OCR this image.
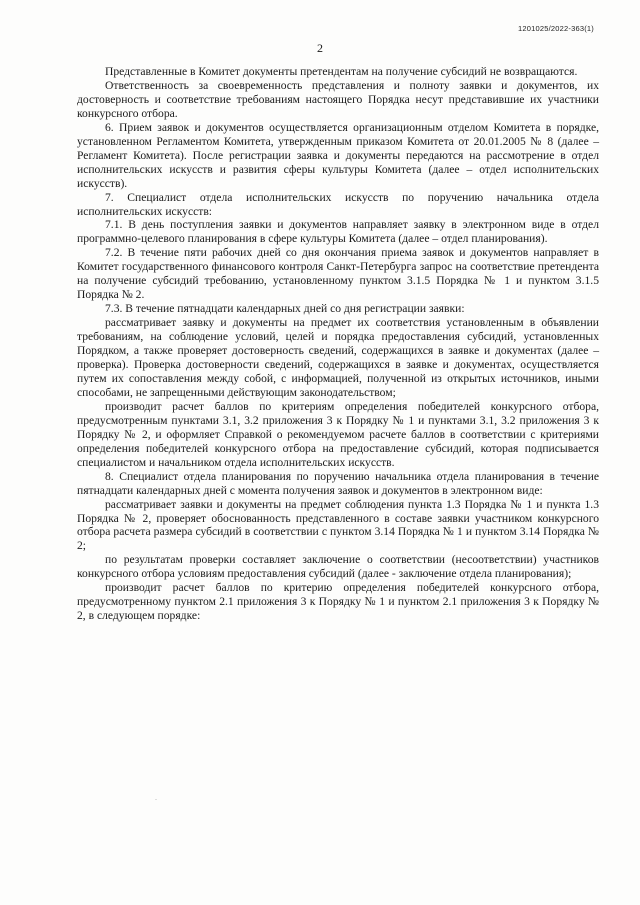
1201025/2022-363(1)
2

Представленные в Комитет документы претендентам на получение субсидий не возвращаются.

Ответственность за своевременность представления и полноту заявки и документов, их достоверность и соответствие требованиям настоящего Порядка несут представившие их участники конкурсного отбора.

6. Прием заявок и документов осуществляется организационным отделом Комитета в порядке, установленном Регламентом Комитета, утвержденным приказом Комитета от 20.01.2005 № 8 (далее – Регламент Комитета). После регистрации заявка и документы передаются на рассмотрение в отдел исполнительских искусств и развития сферы культуры Комитета (далее – отдел исполнительских искусств).

7. Специалист отдела исполнительских искусств по поручению начальника отдела исполнительских искусств:

7.1. В день поступления заявки и документов направляет заявку в электронном виде в отдел программно-целевого планирования в сфере культуры Комитета (далее – отдел планирования).

7.2. В течение пяти рабочих дней со дня окончания приема заявок и документов направляет в Комитет государственного финансового контроля Санкт-Петербурга запрос на соответствие претендента на получение субсидий требованию, установленному пунктом 3.1.5 Порядка № 1 и пунктом 3.1.5 Порядка № 2.

7.3. В течение пятнадцати календарных дней со дня регистрации заявки:

рассматривает заявку и документы на предмет их соответствия установленным в объявлении требованиям, на соблюдение условий, целей и порядка предоставления субсидий, установленных Порядком, а также проверяет достоверность сведений, содержащихся в заявке и документах (далее – проверка). Проверка достоверности сведений, содержащихся в заявке и документах, осуществляется путем их сопоставления между собой, с информацией, полученной из открытых источников, иными способами, не запрещенными действующим законодательством;

производит расчет баллов по критериям определения победителей конкурсного отбора, предусмотренным пунктами 3.1, 3.2 приложения 3 к Порядку № 1 и пунктами 3.1, 3.2 приложения 3 к Порядку № 2, и оформляет Справкой о рекомендуемом расчете баллов в соответствии с критериями определения победителей конкурсного отбора на предоставление субсидий, которая подписывается специалистом и начальником отдела исполнительских искусств.

8. Специалист отдела планирования по поручению начальника отдела планирования в течение пятнадцати календарных дней с момента получения заявок и документов в электронном виде:

рассматривает заявки и документы на предмет соблюдения пункта 1.3 Порядка № 1 и пункта 1.3 Порядка № 2, проверяет обоснованность представленного в составе заявки участником конкурсного отбора расчета размера субсидий в соответствии с пунктом 3.14 Порядка № 1 и пунктом 3.14 Порядка № 2;

по результатам проверки составляет заключение о соответствии (несоответствии) участников конкурсного отбора условиям предоставления субсидий (далее - заключение отдела планирования);

производит расчет баллов по критерию определения победителей конкурсного отбора, предусмотренному пунктом 2.1 приложения 3 к Порядку № 1 и пунктом 2.1 приложения 3 к Порядку № 2, в следующем порядке:
